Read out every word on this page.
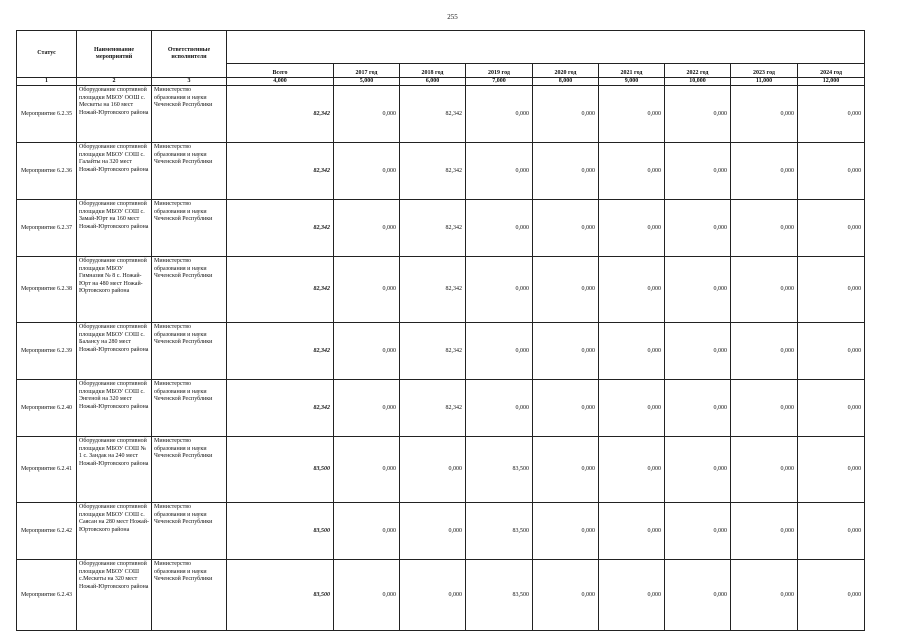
255
Статус	Наименование мероприятий	Ответственные исполнители									
			Всего	2017 год	2018 год	2019 год	2020 год	2021 год	2022 год	2023 год	2024 год
1	2	3	4,000	5,000	6,000	7,000	8,000	9,000	10,000	11,000	12,000
Мероприятие 6.2.35	Оборудование спортивной площадки МБОУ ООШ с. Мескеты на 160 мест Ножай-Юртовского района	Министерство образования и науки Чеченской Республики	82,342	0,000	82,342	0,000	0,000	0,000	0,000	0,000	0,000
Мероприятие 6.2.36	Оборудование спортивной площадки МБОУ СОШ с. Галайты на 320 мест Ножай-Юртовского района	Министерство образования и науки Чеченской Республики	82,342	0,000	82,342	0,000	0,000	0,000	0,000	0,000	0,000
Мероприятие 6.2.37	Оборудование спортивной площадки МБОУ СОШ с. Замай-Юрт на 160 мест Ножай-Юртовского района	Министерство образования и науки Чеченской Республики	82,342	0,000	82,342	0,000	0,000	0,000	0,000	0,000	0,000
Мероприятие 6.2.38	Оборудование спортивной площадки МБОУ Гимназия № 8 с. Ножай-Юрт на 480 мест Ножай-Юртовского района	Министерство образования и науки Чеченской Республики	82,342	0,000	82,342	0,000	0,000	0,000	0,000	0,000	0,000
Мероприятие 6.2.39	Оборудование спортивной площадки МБОУ СОШ с. Балансу на 280 мест Ножай-Юртовского района	Министерство образования и науки Чеченской Республики	82,342	0,000	82,342	0,000	0,000	0,000	0,000	0,000	0,000
Мероприятие 6.2.40	Оборудование спортивной площадки МБОУ СОШ с. Энгеной на 320 мест Ножай-Юртовского района	Министерство образования и науки Чеченской Республики	82,342	0,000	82,342	0,000	0,000	0,000	0,000	0,000	0,000
Мероприятие 6.2.41	Оборудование спортивной площадки МБОУ СОШ № 1 с. Зандак на 240 мест Ножай-Юртовского района	Министерство образования и науки Чеченской Республики	83,500	0,000	0,000	83,500	0,000	0,000	0,000	0,000	0,000
Мероприятие 6.2.42	Оборудование спортивной площадки МБОУ СОШ с. Саясан на 280 мест Ножай-Юртовского района	Министерство образования и науки Чеченской Республики	83,500	0,000	0,000	83,500	0,000	0,000	0,000	0,000	0,000
Мероприятие 6.2.43	Оборудование спортивной площадки МБОУ СОШ с.Мескеты на 320 мест Ножай-Юртовского района	Министерство образования и науки Чеченской Республики	83,500	0,000	0,000	83,500	0,000	0,000	0,000	0,000	0,000
